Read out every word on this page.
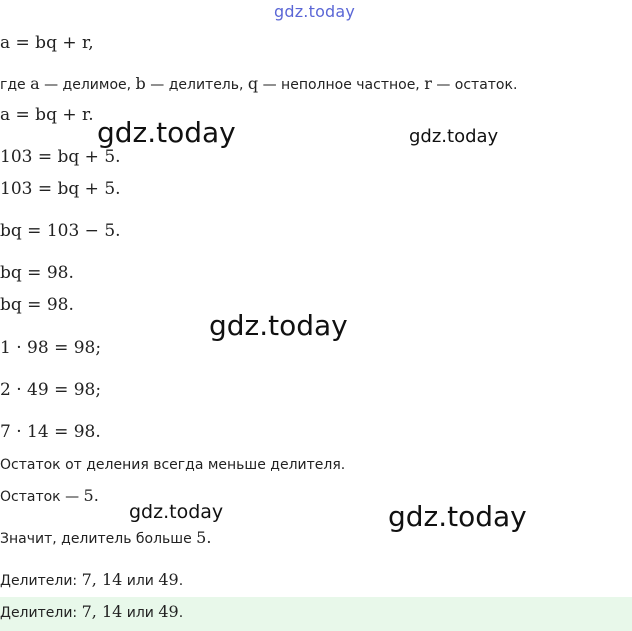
gdz.today
a = bq + r,
где a — делимое, b — делитель, q — неполное частное, r — остаток.
a = bq + r.
gdz.today	gdz.today
103 = bq + 5.
103 = bq + 5.
bq = 103 − 5.
bq = 98.
bq = 98.
gdz.today
1 · 98 = 98;
2 · 49 = 98;
7 · 14 = 98.
Остаток от деления всегда меньше делителя.
Остаток — 5.
gdz.today	gdz.today
Значит, делитель больше 5.
Делители: 7, 14 или 49.
Делители: 7, 14 или 49.
